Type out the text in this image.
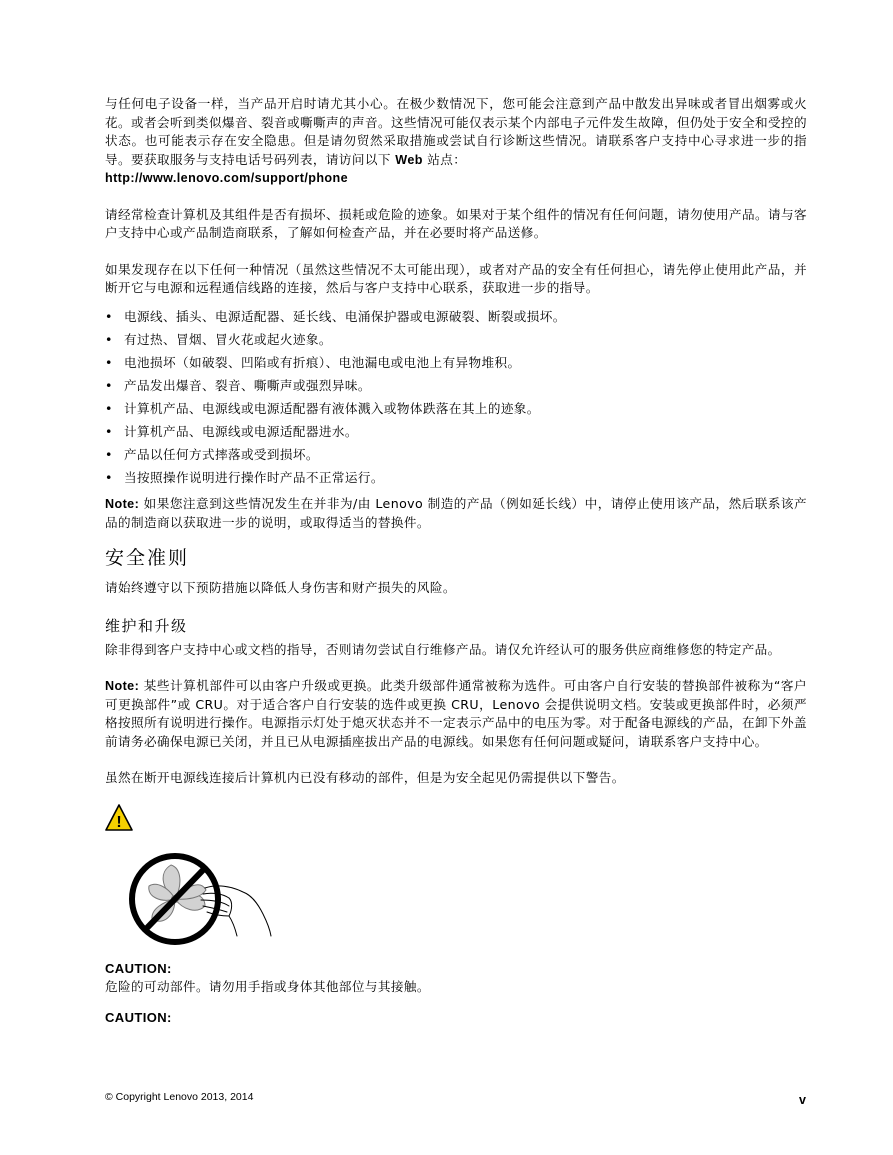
与任何电子设备一样，当产品开启时请尤其小心。在极少数情况下，您可能会注意到产品中散发出异味或者冒出烟雾或火花。或者会听到类似爆音、裂音或嘶嘶声的声音。这些情况可能仅表示某个内部电子元件发生故障，但仍处于安全和受控的状态。也可能表示存在安全隐患。但是请勿贸然采取措施或尝试自行诊断这些情况。请联系客户支持中心寻求进一步的指导。要获取服务与支持电话号码列表，请访问以下 Web 站点：
http://www.lenovo.com/support/phone

请经常检查计算机及其组件是否有损坏、损耗或危险的迹象。如果对于某个组件的情况有任何问题，请勿使用产品。请与客户支持中心或产品制造商联系，了解如何检查产品，并在必要时将产品送修。

如果发现存在以下任何一种情况（虽然这些情况不太可能出现），或者对产品的安全有任何担心，请先停止使用此产品，并断开它与电源和远程通信线路的连接，然后与客户支持中心联系，获取进一步的指导。

• 电源线、插头、电源适配器、延长线、电涌保护器或电源破裂、断裂或损坏。
• 有过热、冒烟、冒火花或起火迹象。
• 电池损坏（如破裂、凹陷或有折痕）、电池漏电或电池上有异物堆积。
• 产品发出爆音、裂音、嘶嘶声或强烈异味。
• 计算机产品、电源线或电源适配器有液体溅入或物体跌落在其上的迹象。
• 计算机产品、电源线或电源适配器进水。
• 产品以任何方式摔落或受到损坏。
• 当按照操作说明进行操作时产品不正常运行。

Note: 如果您注意到这些情况发生在并非为/由 Lenovo 制造的产品（例如延长线）中，请停止使用该产品，然后联系该产品的制造商以获取进一步的说明，或取得适当的替换件。

安全准则

请始终遵守以下预防措施以降低人身伤害和财产损失的风险。

维护和升级

除非得到客户支持中心或文档的指导，否则请勿尝试自行维修产品。请仅允许经认可的服务供应商维修您的特定产品。

Note: 某些计算机部件可以由客户升级或更换。此类升级部件通常被称为选件。可由客户自行安装的替换部件被称为“客户可更换部件”或 CRU。对于适合客户自行安装的选件或更换 CRU，Lenovo 会提供说明文档。安装或更换部件时，必须严格按照所有说明进行操作。电源指示灯处于熄灭状态并不一定表示产品中的电压为零。对于配备电源线的产品，在卸下外盖前请务必确保电源已关闭，并且已从电源插座拔出产品的电源线。如果您有任何问题或疑问，请联系客户支持中心。

虽然在断开电源线连接后计算机内已没有移动的部件，但是为安全起见仍需提供以下警告。

!

CAUTION:
危险的可动部件。请勿用手指或身体其他部位与其接触。

CAUTION:

© Copyright Lenovo 2013, 2014	v
